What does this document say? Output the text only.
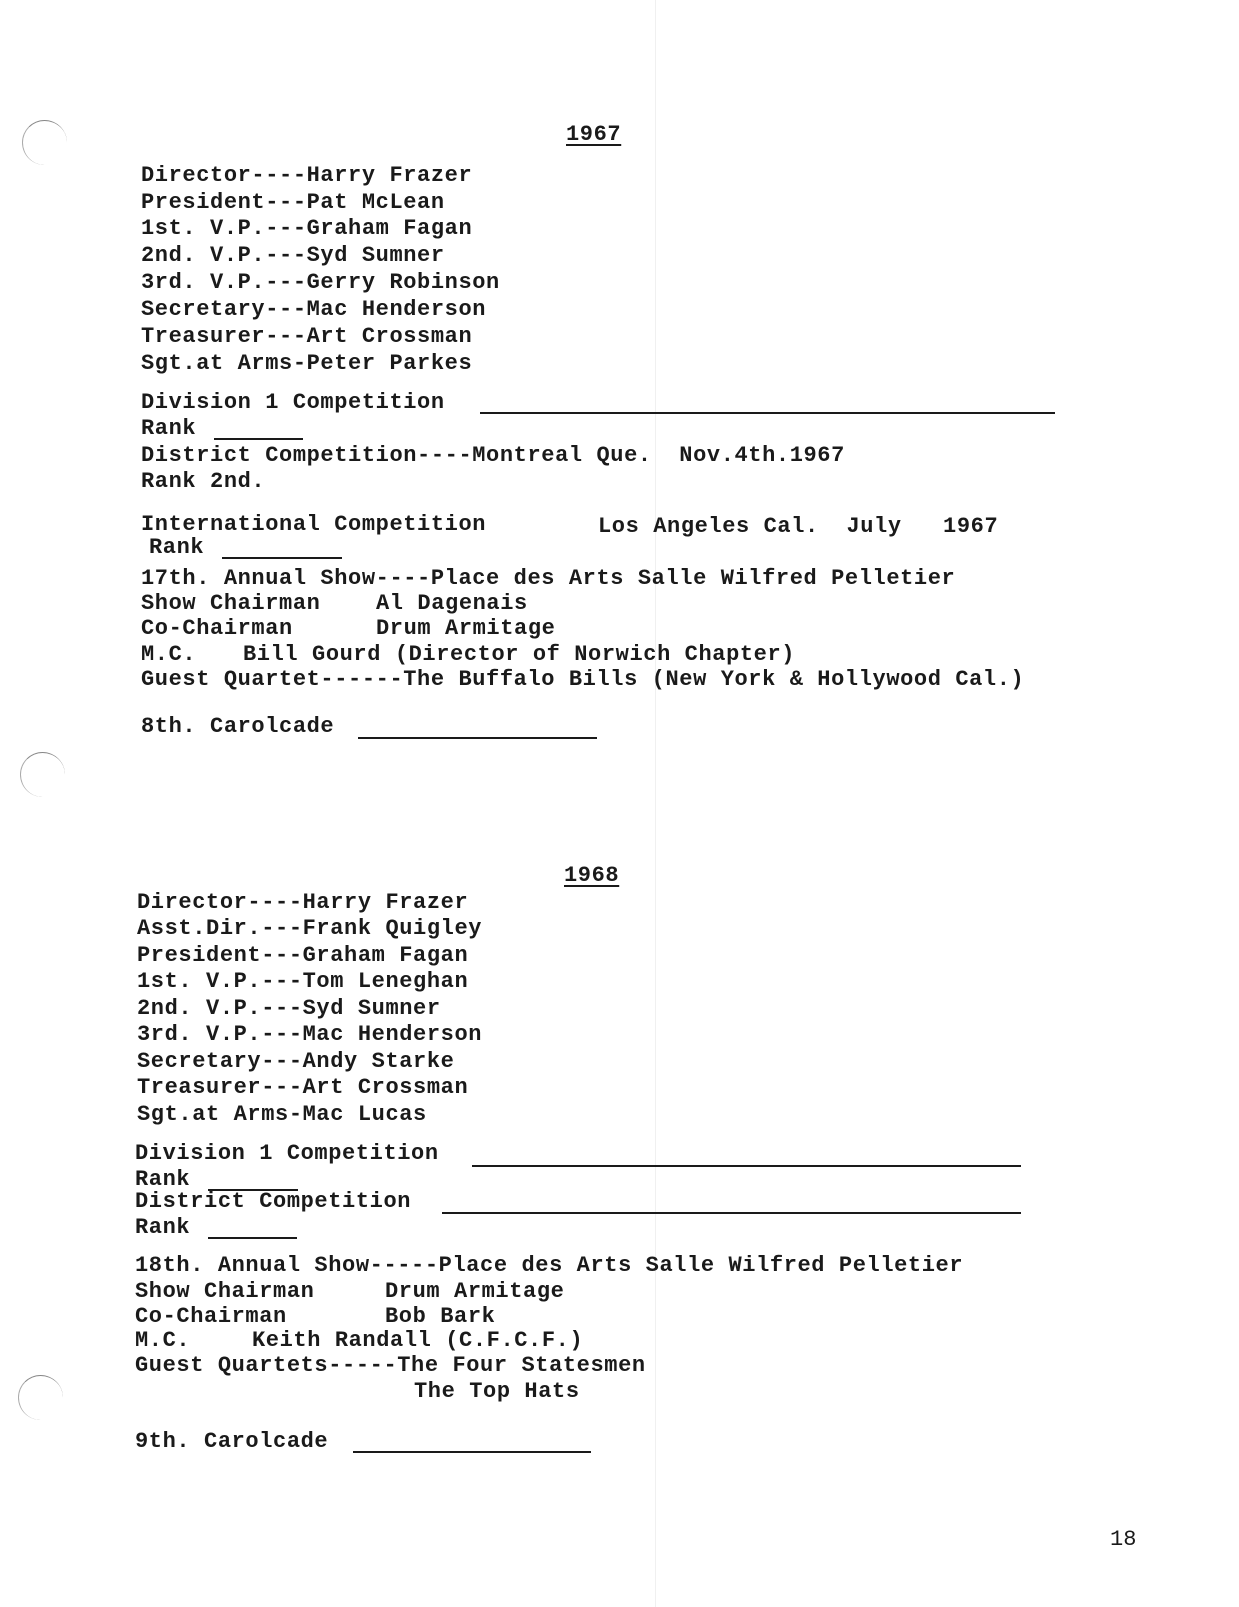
1967
Director----Harry Frazer
President---Pat McLean
1st. V.P.---Graham Fagan
2nd. V.P.---Syd Sumner
3rd. V.P.---Gerry Robinson
Secretary---Mac Henderson
Treasurer---Art Crossman
Sgt.at Arms-Peter Parkes
Division 1 Competition
Rank
District Competition----Montreal Que.  Nov.4th.1967
Rank 2nd.
International Competition	Los Angeles Cal.  July   1967
Rank
17th. Annual Show----Place des Arts Salle Wilfred Pelletier
Show Chairman	Al Dagenais
Co-Chairman	Drum Armitage
M.C. Bill Gourd (Director of Norwich Chapter)
Guest Quartet------The Buffalo Bills (New York & Hollywood Cal.)
8th. Carolcade
1968
Director----Harry Frazer
Asst.Dir.---Frank Quigley
President---Graham Fagan
1st. V.P.---Tom Leneghan
2nd. V.P.---Syd Sumner
3rd. V.P.---Mac Henderson
Secretary---Andy Starke
Treasurer---Art Crossman
Sgt.at Arms-Mac Lucas
Division 1 Competition
Rank
District Competition
Rank
18th. Annual Show-----Place des Arts Salle Wilfred Pelletier
Show Chairman	Drum Armitage
Co-Chairman	Bob Bark
M.C.	Keith Randall (C.F.C.F.)
Guest Quartets-----The Four Statesmen
The Top Hats
9th. Carolcade
18
